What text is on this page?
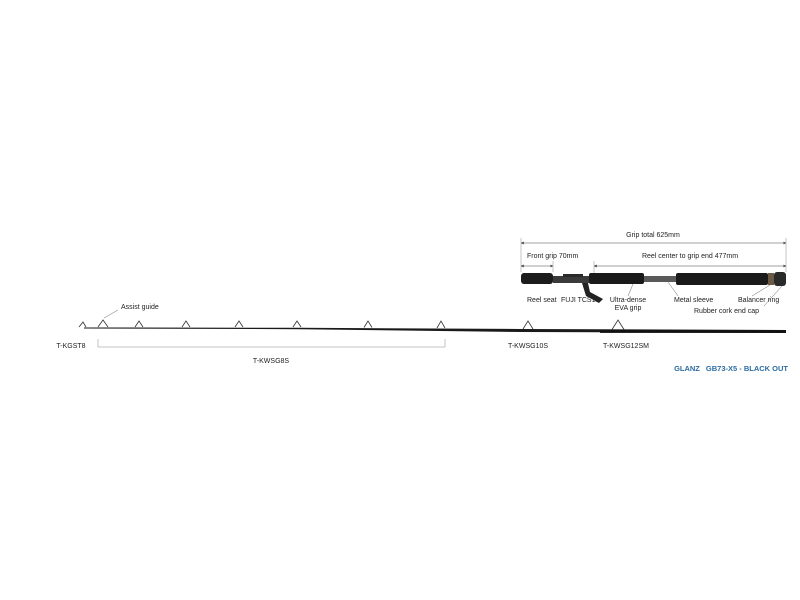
Grip total 625mm
Front grip 70mm	Reel center to grip end 477mm
Reel seat FUJI TCS18 Ultra-dense
EVA grip
Metal sleeve	Balancer ring
Rubber cork end cap
Assist guide
T-KGST8
T-KWSG8S
T-KWSG10S	T-KWSG12SM
GLANZ GB73-X5 - BLACK OUT
